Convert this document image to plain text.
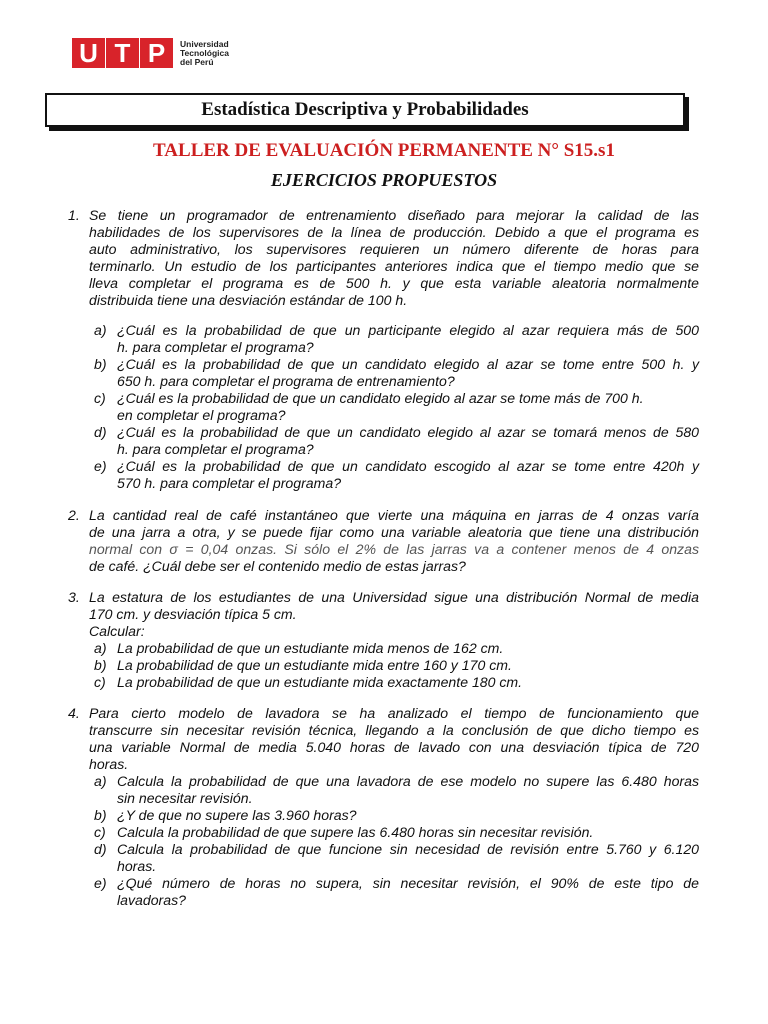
U T P	Universidad
Tecnológica
del Perú
Estadística Descriptiva y Probabilidades
TALLER DE EVALUACIÓN PERMANENTE N° S15.s1
EJERCICIOS PROPUESTOS
1. Se tiene un programador de entrenamiento diseñado para mejorar la calidad de las
habilidades de los supervisores de la línea de producción. Debido a que el programa es
auto administrativo, los supervisores requieren un número diferente de horas para
terminarlo. Un estudio de los participantes anteriores indica que el tiempo medio que se
lleva completar el programa es de 500 h. y que esta variable aleatoria normalmente
distribuida tiene una desviación estándar de 100 h.
a) ¿Cuál es la probabilidad de que un participante elegido al azar requiera más de 500
h. para completar el programa?
b) ¿Cuál es la probabilidad de que un candidato elegido al azar se tome entre 500 h. y
650 h. para completar el programa de entrenamiento?
c) ¿Cuál es la probabilidad de que un candidato elegido al azar se tome más de 700 h.
en completar el programa?
d) ¿Cuál es la probabilidad de que un candidato elegido al azar se tomará menos de 580
h. para completar el programa?
e) ¿Cuál es la probabilidad de que un candidato escogido al azar se tome entre 420h y
570 h. para completar el programa?
2. La cantidad real de café instantáneo que vierte una máquina en jarras de 4 onzas varía
de una jarra a otra, y se puede fijar como una variable aleatoria que tiene una distribución
normal con σ = 0,04 onzas. Si sólo el 2% de las jarras va a contener menos de 4 onzas
de café. ¿Cuál debe ser el contenido medio de estas jarras?
3. La estatura de los estudiantes de una Universidad sigue una distribución Normal de media
170 cm. y desviación típica 5 cm.
Calcular:
a) La probabilidad de que un estudiante mida menos de 162 cm.
b) La probabilidad de que un estudiante mida entre 160 y 170 cm.
c) La probabilidad de que un estudiante mida exactamente 180 cm.
4. Para cierto modelo de lavadora se ha analizado el tiempo de funcionamiento que
transcurre sin necesitar revisión técnica, llegando a la conclusión de que dicho tiempo es
una variable Normal de media 5.040 horas de lavado con una desviación típica de 720
horas.
a) Calcula la probabilidad de que una lavadora de ese modelo no supere las 6.480 horas
sin necesitar revisión.
b) ¿Y de que no supere las 3.960 horas?
c) Calcula la probabilidad de que supere las 6.480 horas sin necesitar revisión.
d) Calcula la probabilidad de que funcione sin necesidad de revisión entre 5.760 y 6.120
horas.
e) ¿Qué número de horas no supera, sin necesitar revisión, el 90% de este tipo de
lavadoras?
